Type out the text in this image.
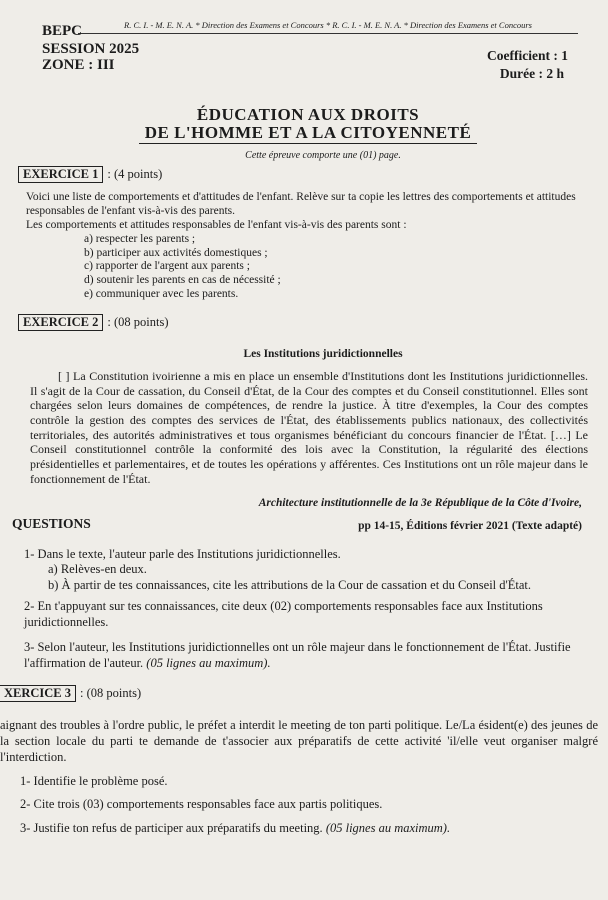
R. C. I. - M. E. N. A. * Direction des Examens et Concours * R. C. I. - M. E. N. A. * Direction des Examens et Concours
BEPC
SESSION 2025
ZONE : III
Coefficient : 1
Durée : 2 h
ÉDUCATION AUX DROITS
DE L'HOMME ET A LA CITOYENNETÉ
Cette épreuve comporte une (01) page.
EXERCICE 1 : (4 points)

Voici une liste de comportements et d'attitudes de l'enfant. Relève sur ta copie les lettres des comportements et attitudes responsables de l'enfant vis-à-vis des parents.

Les comportements et attitudes responsables de l'enfant vis-à-vis des parents sont :

a) respecter les parents ;
b) participer aux activités domestiques ;
c) rapporter de l'argent aux parents ;
d) soutenir les parents en cas de nécessité ;
e) communiquer avec les parents.
EXERCICE 2 : (08 points)
Les Institutions juridictionnelles

[ ] La Constitution ivoirienne a mis en place un ensemble d'Institutions dont les Institutions juridictionnelles. Il s'agit de la Cour de cassation, du Conseil d'État, de la Cour des comptes et du Conseil constitutionnel. Elles sont chargées selon leurs domaines de compétences, de rendre la justice. À titre d'exemples, la Cour des comptes contrôle la gestion des comptes des services de l'État, des établissements publics nationaux, des collectivités territoriales, des autorités administratives et tous organismes bénéficiant du concours financier de l'État. […] Le Conseil constitutionnel contrôle la conformité des lois avec la Constitution, la régularité des élections présidentielles et parlementaires, et de toutes les opérations y afférentes. Ces Institutions ont un rôle majeur dans le fonctionnement de l'État.

Architecture institutionnelle de la 3e République de la Côte d'Ivoire,
QUESTIONS	pp 14-15, Éditions février 2021 (Texte adapté)

1- Dans le texte, l'auteur parle des Institutions juridictionnelles.

a) Relèves-en deux.

b) À partir de tes connaissances, cite les attributions de la Cour de cassation et du Conseil d'État.

2- En t'appuyant sur tes connaissances, cite deux (02) comportements responsables face aux Institutions juridictionnelles.

3- Selon l'auteur, les Institutions juridictionnelles ont un rôle majeur dans le fonctionnement de l'État. Justifie l'affirmation de l'auteur. (05 lignes au maximum).

XERCICE 3 : (08 points)

aignant des troubles à l'ordre public, le préfet a interdit le meeting de ton parti politique. Le/La ésident(e) des jeunes de la section locale du parti te demande de t'associer aux préparatifs de cette activité 'il/elle veut organiser malgré l'interdiction.

1- Identifie le problème posé.

2- Cite trois (03) comportements responsables face aux partis politiques.

3- Justifie ton refus de participer aux préparatifs du meeting. (05 lignes au maximum).
